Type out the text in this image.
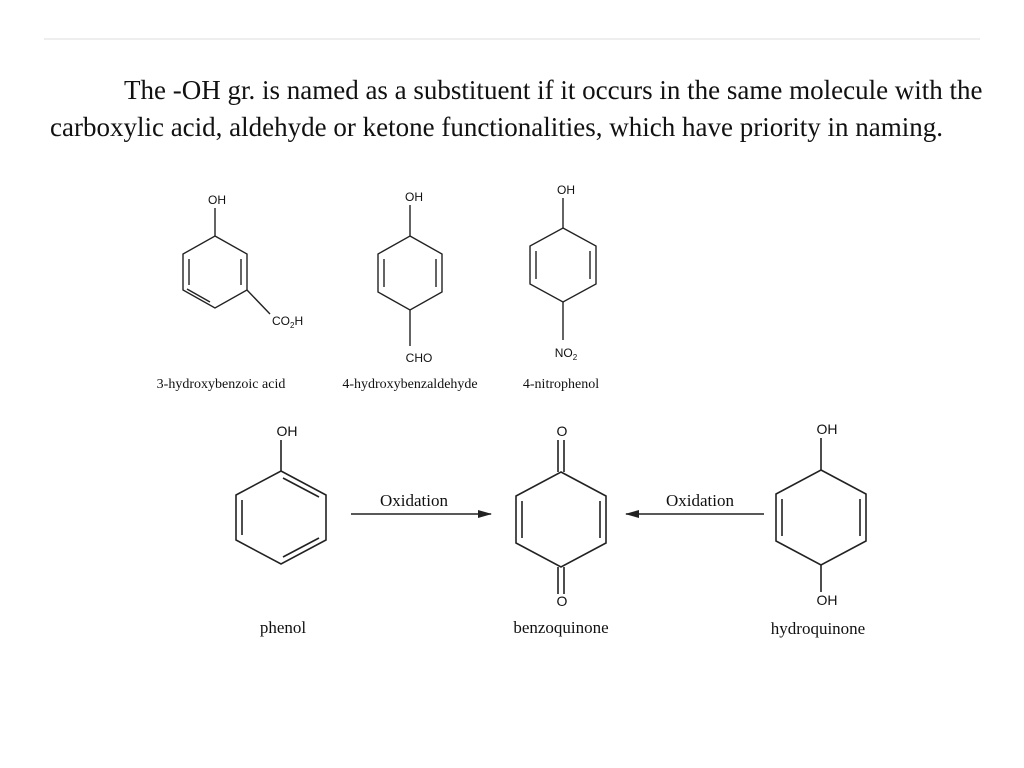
The -OH gr. is named as a substituent if it occurs in the same molecule with the
carboxylic acid, aldehyde or ketone functionalities, which have priority in naming.

OH
$CO_2H$
3-hydroxybenzoic acid
OH
CHO
4-hydroxybenzaldehyde
OH
$NO_2$
4-nitrophenol
OH
phenol
Oxidation
O
O
benzoquinone
Oxidation
OH
OH
hydroquinone
